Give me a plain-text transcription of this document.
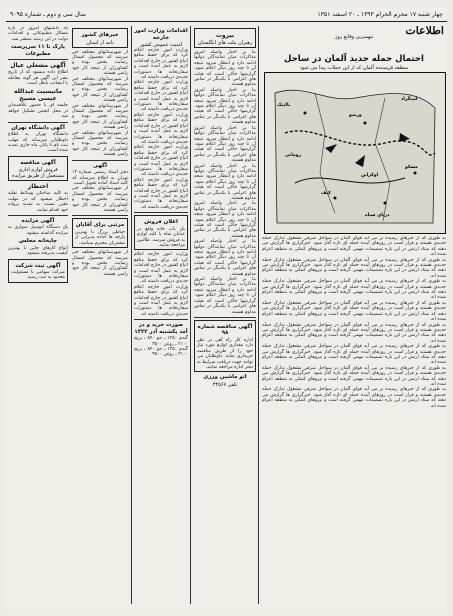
چهار شنبه ۱۷ محرم الحرام ۱۳۹۳ ـ ۲۰ اسفند ۱۳۵۱
سال سی و دوم ـ شماره ۹۰۹۵
اطلاعات
مهمترین وقایع روز
احتمال حمله جدید آلمان در ساحل
منطقه فرستنده آلمان که از این حملات پیدا می شود
بالتیک
ورشو
لنینگراد
مسکو
کیف
دریای سیاه
رومانی
اوکراین
به طوری که از خبرهای رسیده بر می آید قوای آلمان در سواحل شرقی مشغول تدارک حمله جدیدی هستند و قرار است در روزهای آینده حمله ای تازه آغاز شود. خبرگزاری ها گزارش می دهند که ستاد ارتش در این باره تصمیمات مهمی گرفته است و نیروهای کمکی به منطقه اعزام شده اند.
به طوری که از خبرهای رسیده بر می آید قوای آلمان در سواحل شرقی مشغول تدارک حمله جدیدی هستند و قرار است در روزهای آینده حمله ای تازه آغاز شود. خبرگزاری ها گزارش می دهند که ستاد ارتش در این باره تصمیمات مهمی گرفته است و نیروهای کمکی به منطقه اعزام شده اند.
به طوری که از خبرهای رسیده بر می آید قوای آلمان در سواحل شرقی مشغول تدارک حمله جدیدی هستند و قرار است در روزهای آینده حمله ای تازه آغاز شود. خبرگزاری ها گزارش می دهند که ستاد ارتش در این باره تصمیمات مهمی گرفته است و نیروهای کمکی به منطقه اعزام شده اند.
به طوری که از خبرهای رسیده بر می آید قوای آلمان در سواحل شرقی مشغول تدارک حمله جدیدی هستند و قرار است در روزهای آینده حمله ای تازه آغاز شود. خبرگزاری ها گزارش می دهند که ستاد ارتش در این باره تصمیمات مهمی گرفته است و نیروهای کمکی به منطقه اعزام شده اند.
به طوری که از خبرهای رسیده بر می آید قوای آلمان در سواحل شرقی مشغول تدارک حمله جدیدی هستند و قرار است در روزهای آینده حمله ای تازه آغاز شود. خبرگزاری ها گزارش می دهند که ستاد ارتش در این باره تصمیمات مهمی گرفته است و نیروهای کمکی به منطقه اعزام شده اند.
به طوری که از خبرهای رسیده بر می آید قوای آلمان در سواحل شرقی مشغول تدارک حمله جدیدی هستند و قرار است در روزهای آینده حمله ای تازه آغاز شود. خبرگزاری ها گزارش می دهند که ستاد ارتش در این باره تصمیمات مهمی گرفته است و نیروهای کمکی به منطقه اعزام شده اند.
به طوری که از خبرهای رسیده بر می آید قوای آلمان در سواحل شرقی مشغول تدارک حمله جدیدی هستند و قرار است در روزهای آینده حمله ای تازه آغاز شود. خبرگزاری ها گزارش می دهند که ستاد ارتش در این باره تصمیمات مهمی گرفته است و نیروهای کمکی به منطقه اعزام شده اند.
به طوری که از خبرهای رسیده بر می آید قوای آلمان در سواحل شرقی مشغول تدارک حمله جدیدی هستند و قرار است در روزهای آینده حمله ای تازه آغاز شود. خبرگزاری ها گزارش می دهند که ستاد ارتش در این باره تصمیمات مهمی گرفته است و نیروهای کمکی به منطقه اعزام شده اند.
بیروت
رهبران ملت های انگلستان
بنا بر اخبار واصله امروز مذاکرات میان نمایندگان دولتها ادامه دارد و انتظار میرود نتیجه آن تا چند روز دیگر اعلام شود. گزارشها حاکی است که هیئت های اعزامی با یکدیگر در تماس مداوم هستند.
بنا بر اخبار واصله امروز مذاکرات میان نمایندگان دولتها ادامه دارد و انتظار میرود نتیجه آن تا چند روز دیگر اعلام شود. گزارشها حاکی است که هیئت های اعزامی با یکدیگر در تماس مداوم هستند.
بنا بر اخبار واصله امروز مذاکرات میان نمایندگان دولتها ادامه دارد و انتظار میرود نتیجه آن تا چند روز دیگر اعلام شود. گزارشها حاکی است که هیئت های اعزامی با یکدیگر در تماس مداوم هستند.
بنا بر اخبار واصله امروز مذاکرات میان نمایندگان دولتها ادامه دارد و انتظار میرود نتیجه آن تا چند روز دیگر اعلام شود. گزارشها حاکی است که هیئت های اعزامی با یکدیگر در تماس مداوم هستند.
بنا بر اخبار واصله امروز مذاکرات میان نمایندگان دولتها ادامه دارد و انتظار میرود نتیجه آن تا چند روز دیگر اعلام شود. گزارشها حاکی است که هیئت های اعزامی با یکدیگر در تماس مداوم هستند.
بنا بر اخبار واصله امروز مذاکرات میان نمایندگان دولتها ادامه دارد و انتظار میرود نتیجه آن تا چند روز دیگر اعلام شود. گزارشها حاکی است که هیئت های اعزامی با یکدیگر در تماس مداوم هستند.
بنا بر اخبار واصله امروز مذاکرات میان نمایندگان دولتها ادامه دارد و انتظار میرود نتیجه آن تا چند روز دیگر اعلام شود. گزارشها حاکی است که هیئت های اعزامی با یکدیگر در تماس مداوم هستند.
آگهی مناقصه شماره ۹۸
اداره کل راه آهن در نظر دارد مقداری لوازم مورد نیاز خود را از طریق مناقصه خریداری نماید. داوطلبان می توانند جهت دریافت شرایط به دفتر اداره مراجعه نمایند.
اتو ماشین ورزی
تلفن ۳۴۵۶۷
اقدامات وزارت امور خارجه
امنیت عمومی کشور
وزارت امور خارجه اعلام کرد که برای حفظ منافع اتباع کشور در خارج اقدامات لازم به عمل آمده است و سفارتخانه ها دستورات جدیدی دریافت داشته اند.
وزارت امور خارجه اعلام کرد که برای حفظ منافع اتباع کشور در خارج اقدامات لازم به عمل آمده است و سفارتخانه ها دستورات جدیدی دریافت داشته اند.
وزارت امور خارجه اعلام کرد که برای حفظ منافع اتباع کشور در خارج اقدامات لازم به عمل آمده است و سفارتخانه ها دستورات جدیدی دریافت داشته اند.
وزارت امور خارجه اعلام کرد که برای حفظ منافع اتباع کشور در خارج اقدامات لازم به عمل آمده است و سفارتخانه ها دستورات جدیدی دریافت داشته اند.
وزارت امور خارجه اعلام کرد که برای حفظ منافع اتباع کشور در خارج اقدامات لازم به عمل آمده است و سفارتخانه ها دستورات جدیدی دریافت داشته اند.
اعلان فروش
یک باب خانه واقع در خیابان شاه با کلیه لوازم به فروش میرسد. طالبین مراجعه نمایند.
وزارت امور خارجه اعلام کرد که برای حفظ منافع اتباع کشور در خارج اقدامات لازم به عمل آمده است و سفارتخانه ها دستورات جدیدی دریافت داشته اند.
وزارت امور خارجه اعلام کرد که برای حفظ منافع اتباع کشور در خارج اقدامات لازم به عمل آمده است و سفارتخانه ها دستورات جدیدی دریافت داشته اند.
صورت خرید و در آمد یکشنبه آذر ۱۳۲۲
گندم ۱۲۵۰ ـ جو ۸۴۰ ـ برنج ۲۱۰۰ ـ روغن ۳۵۰۰
گندم ۱۲۵۰ ـ جو ۸۴۰ ـ برنج ۲۱۰۰ ـ روغن ۳۵۰۰
خبرهای کشور
نامه از استان
از شهرستانهای مختلف خبر میرسد که محصول امسال رضایت بخش بوده و کشاورزان از نتیجه کار خود راضی هستند.
از شهرستانهای مختلف خبر میرسد که محصول امسال رضایت بخش بوده و کشاورزان از نتیجه کار خود راضی هستند.
از شهرستانهای مختلف خبر میرسد که محصول امسال رضایت بخش بوده و کشاورزان از نتیجه کار خود راضی هستند.
از شهرستانهای مختلف خبر میرسد که محصول امسال رضایت بخش بوده و کشاورزان از نتیجه کار خود راضی هستند.
آگهی
دفتر اسناد رسمی شماره ۱۲ تهران به اطلاع میرساند که کلیه اسناد آماده تحویل است.
از شهرستانهای مختلف خبر میرسد که محصول امسال رضایت بخش بوده و کشاورزان از نتیجه کار خود راضی هستند.
مرتبی برای آقایان
خیاطی بزرگ با بهترین پارچه ها آماده پذیرایی از مشتریان محترم میباشد.
از شهرستانهای مختلف خبر میرسد که محصول امسال رضایت بخش بوده و کشاورزان از نتیجه کار خود راضی هستند.
یاد داشتهای امروز در باره مسائل مطبوعاتی و اقدامات دولت در این زمینه منتشر شد.
پارک تا ۱۱ سرپرست مطبوعات
آگهی مشغلی عیال
اطلاع داده میشود که از تاریخ نشر این آگهی هر گونه معامله با اینجانب باطل است.
مانیسیت عبدالله عیسی مسیح
جلسه ای با حضور علاقمندان در محل انجمن تشکیل خواهد شد.
آگهی دانشگاه تهران
دانشگاه تهران به اطلاع داوطلبان میرساند که مهلت ثبت نام تا پایان ماه جاری تمدید شده است.
آگهی مناقصه
فروش لوازم اداری مستعمل از طریق مزایده
اختطار
به کلیه صاحبان وسائط نقلیه اخطار میشود که در مهلت مقرر نسبت به تمدید پروانه خود اقدام نمایند.
آگهی مزایده
یک دستگاه اتومبیل سواری به مزایده گذاشته میشود.
چاپخانه مجلس
انواع کارهای چاپی با بهترین کیفیت پذیرفته میشود.
آگهی ثبت شرکت
شرکت سهامی با مسئولیت محدود به ثبت رسید.
